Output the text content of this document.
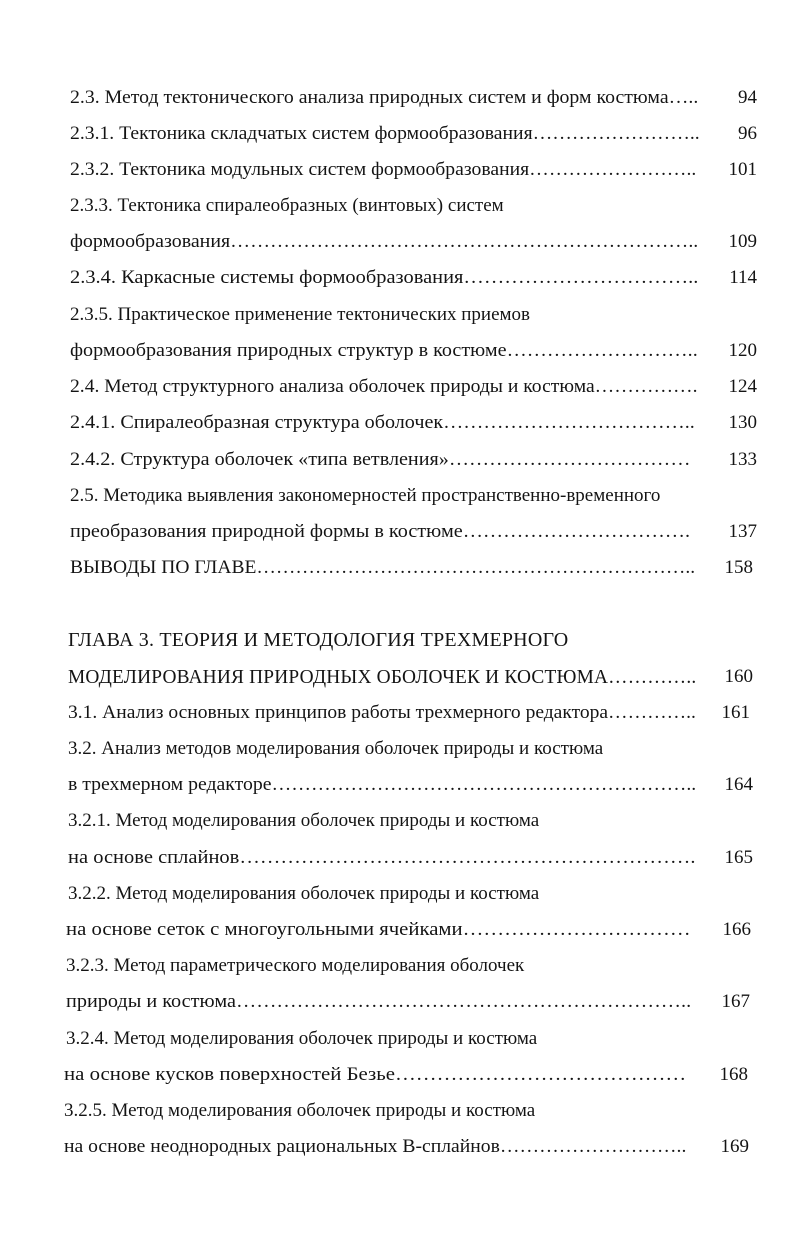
2.3. Метод тектонического анализа природных систем и форм костюма…..	94
2.3.1. Тектоника складчатых систем формообразования……………………..	96
2.3.2. Тектоника модульных систем формообразования……………………..	101
2.3.3. Тектоника спиралеобразных (винтовых) систем
формообразования……………………………………………………………..	109
2.3.4. Каркасные системы формообразования……………………………..	114
2.3.5. Практическое применение тектонических приемов
формообразования природных структур в костюме………………………..	120
2.4. Метод структурного анализа оболочек природы и костюма…………….	124
2.4.1. Спиралеобразная структура оболочек………………………………..	130
2.4.2. Структура оболочек «типа ветвления»………………………………	133
2.5. Методика выявления закономерностей пространственно-временного
преобразования природной формы в костюме…………………………….	137
ВЫВОДЫ ПО ГЛАВЕ…………………………………………………………..	158
ГЛАВА 3. ТЕОРИЯ И МЕТОДОЛОГИЯ ТРЕХМЕРНОГО
МОДЕЛИРОВАНИЯ ПРИРОДНЫХ ОБОЛОЧЕК И КОСТЮМА…………..	160
3.1. Анализ основных принципов работы трехмерного редактора…………..	161
3.2. Анализ методов моделирования оболочек природы и костюма
в трехмерном редакторе………………………………………………………..	164
3.2.1. Метод моделирования оболочек природы и костюма
на основе сплайнов………………………………………………………….	165
3.2.2. Метод моделирования оболочек природы и костюма
на основе сеток с многоугольными ячейками……………………………	166
3.2.3. Метод параметрического моделирования оболочек
природы и костюма…………………………………………………………..	167
3.2.4. Метод моделирования оболочек природы и костюма
на основе кусков поверхностей Безье……………………………………	168
3.2.5. Метод моделирования оболочек природы и костюма
на основе неоднородных рациональных В-сплайнов………………………..	169
